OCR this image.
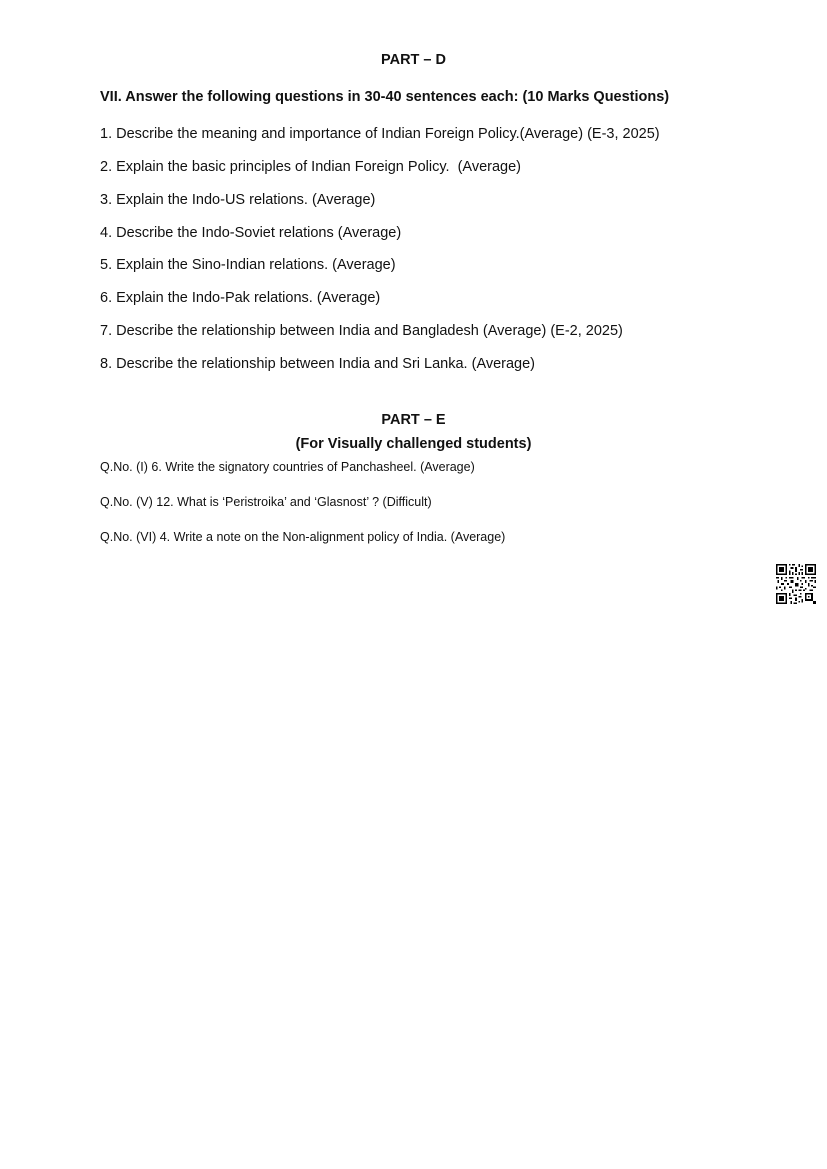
PART – D
VII. Answer the following questions in 30-40 sentences each: (10 Marks Questions)
1. Describe the meaning and importance of Indian Foreign Policy.(Average) (E-3, 2025)
2. Explain the basic principles of Indian Foreign Policy. (Average)
3. Explain the Indo-US relations. (Average)
4. Describe the Indo-Soviet relations (Average)
5. Explain the Sino-Indian relations. (Average)
6. Explain the Indo-Pak relations. (Average)
7. Describe the relationship between India and Bangladesh (Average) (E-2, 2025)
8. Describe the relationship between India and Sri Lanka. (Average)
PART – E
(For Visually challenged students)
Q.No. (I) 6. Write the signatory countries of Panchasheel. (Average)
Q.No. (V) 12. What is ‘Peristroika’ and ‘Glasnost’ ? (Difficult)
Q.No. (VI) 4. Write a note on the Non-alignment policy of India. (Average)
